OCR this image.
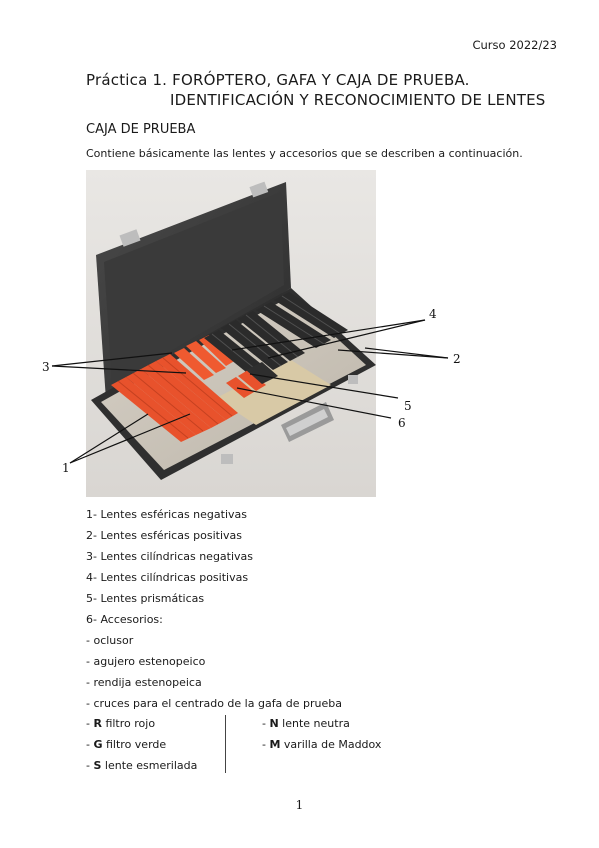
Curso 2022/23
Práctica 1. FORÓPTERO, GAFA Y CAJA DE PRUEBA.
IDENTIFICACIÓN Y RECONOCIMIENTO DE LENTES
CAJA DE PRUEBA
Contiene básicamente las lentes y accesorios que se describen a continuación.
1
2
3
4
5
6
1- Lentes esféricas negativas
2- Lentes esféricas positivas
3- Lentes cilíndricas negativas
4- Lentes cilíndricas positivas
5- Lentes prismáticas
6- Accesorios:
- oclusor
- agujero estenopeico
- rendija estenopeica
- cruces para el centrado de la gafa de prueba
- R filtro rojo
- G filtro verde
- S lente esmerilada
- N lente neutra
- M varilla de Maddox
1
